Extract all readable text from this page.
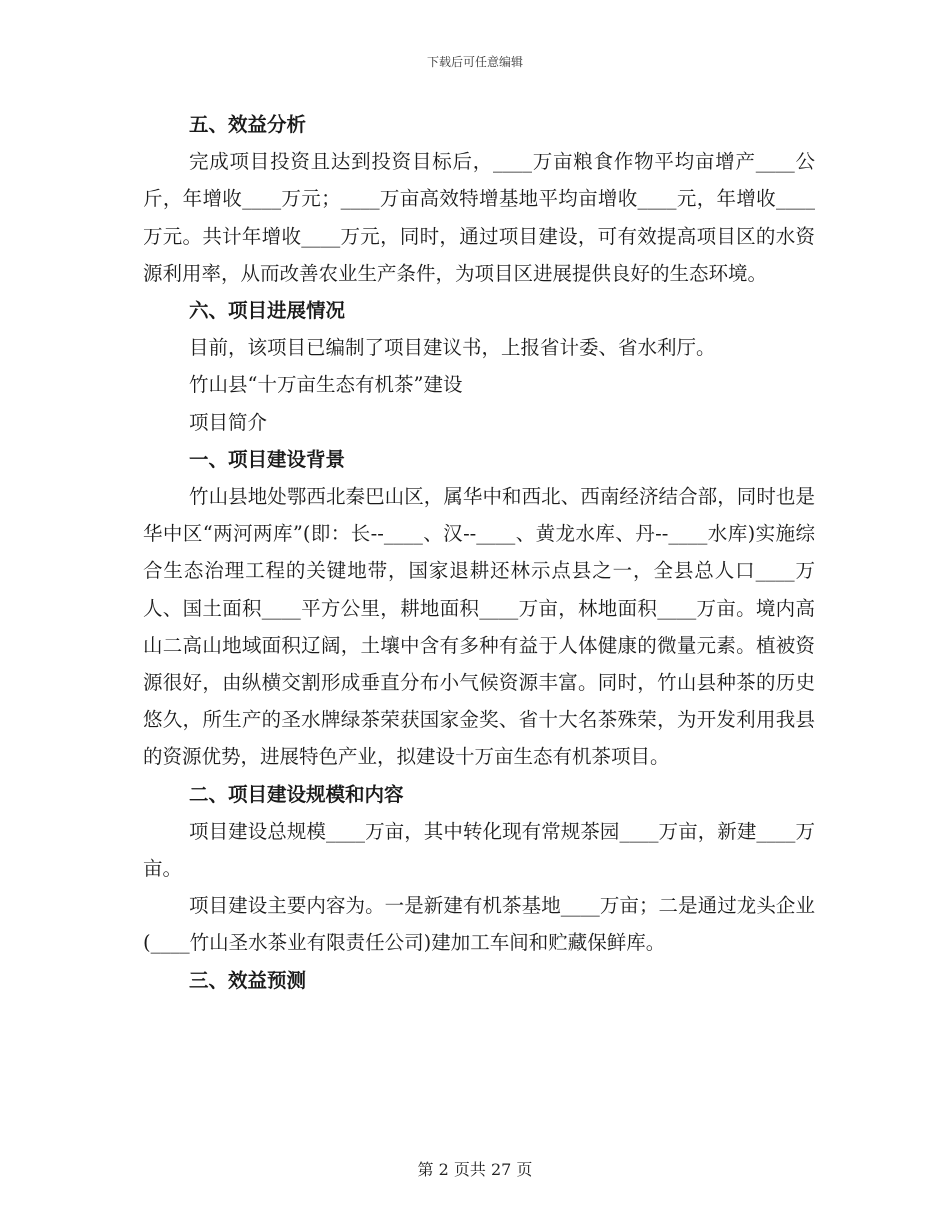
下载后可任意编辑

五、效益分析

完成项目投资且达到投资目标后，____万亩粮食作物平均亩增产____公斤，年增收____万元；____万亩高效特增基地平均亩增收____元，年增收____万元。共计年增收____万元，同时，通过项目建设，可有效提高项目区的水资源利用率，从而改善农业生产条件，为项目区进展提供良好的生态环境。

六、项目进展情况

目前，该项目已编制了项目建议书，上报省计委、省水利厅。

竹山县“十万亩生态有机茶”建设

项目简介

一、项目建设背景

竹山县地处鄂西北秦巴山区，属华中和西北、西南经济结合部，同时也是华中区“两河两库”(即：长--____、汉--____、黄龙水库、丹--____水库)实施综合生态治理工程的关键地带，国家退耕还林示点县之一，全县总人口____万人、国土面积____平方公里，耕地面积____万亩，林地面积____万亩。境内高山二高山地域面积辽阔，土壤中含有多种有益于人体健康的微量元素。植被资源很好，由纵横交割形成垂直分布小气候资源丰富。同时，竹山县种茶的历史悠久，所生产的圣水牌绿茶荣获国家金奖、省十大名茶殊荣，为开发利用我县的资源优势，进展特色产业，拟建设十万亩生态有机茶项目。

二、项目建设规模和内容

项目建设总规模____万亩，其中转化现有常规茶园____万亩，新建____万亩。

项目建设主要内容为。一是新建有机茶基地____万亩；二是通过龙头企业(____竹山圣水茶业有限责任公司)建加工车间和贮藏保鲜库。

三、效益预测

第 2 页共 27 页
